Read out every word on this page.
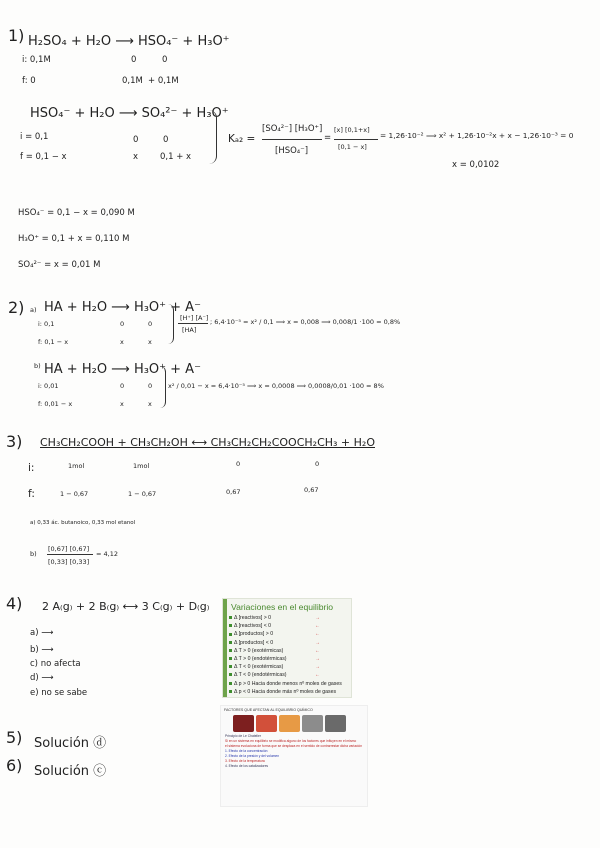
1) H₂SO₄ + H₂O ⟶ HSO₄⁻ + H₃O⁺
i: 0,1M	0	0
f: 0	0,1M + 0,1M
HSO₄⁻ + H₂O ⟶ SO₄²⁻ + H₃O⁺
i = 0,1	0	0
f = 0,1 − x	x	0,1 + x
Kₐ₂ =
[SO₄²⁻] [H₃O⁺]
[HSO₄⁻]
=
[x] [0,1+x]
[0,1 − x]
= 1,26·10⁻² ⟹ x² + 1,26·10⁻²x + x − 1,26·10⁻³ = 0
x = 0,0102
HSO₄⁻ = 0,1 − x = 0,090 M
H₃O⁺ = 0,1 + x = 0,110 M
SO₄²⁻ = x = 0,01 M
2) a) HA + H₂O ⟶ H₃O⁺ + A⁻
i: 0,1	0	0
f: 0,1 − x	x	x
[H⁺] [A⁻]
[HA]
; 6,4·10⁻⁵ = x² / 0,1 ⟹ x = 0,008 ⟹ 0,008/1 ·100 = 0,8%
b) HA + H₂O ⟶ H₃O⁺ + A⁻
i: 0,01	0	0
f: 0,01 − x	x	x
x² / 0,01 − x = 6,4·10⁻⁵ ⟹ x = 0,0008 ⟹ 0,0008/0,01 ·100 = 8%
3) CH₃CH₂COOH + CH₃CH₂OH ⟷ CH₃CH₂CH₂COOCH₂CH₃ + H₂O
i:	1mol	1mol	0	0
f:	1 − 0,67	1 − 0,67	0,67	0,67
a) 0,33 ác. butanoico, 0,33 mol etanol
b)
[0,67] [0,67]
[0,33] [0,33]
= 4,12
4) 2 A₍g₎ + 2 B₍g₎ ⟷ 3 C₍g₎ + D₍g₎
a) ⟶
b) ⟶
c) no afecta
d) ⟶
e) no se sabe
Variaciones en el equilibrio
Δ [reactivos] > 0	→
Δ [reactivos] < 0	←
Δ [productos] > 0	←
Δ [productos] < 0	→
Δ T > 0 (exotérmicas)	←
Δ T > 0 (endotérmicas)	→
Δ T < 0 (exotérmicas)	→
Δ T < 0 (endotérmicas)	←
Δ p > 0 Hacia donde menos nº moles de gases
Δ p < 0 Hacia donde más nº moles de gases
FACTORES QUE AFECTAN AL EQUILIBRIO QUÍMICO
Principio de Le Chatelier
Si en un sistema en equilibrio se modifica alguno de los factores que influyen en el mismo
el sistema evoluciona de forma que se desplaza en el sentido de contrarrestar dicha variación
1. Efecto de la concentración
2. Efecto de la presión y del volumen
3. Efecto de la temperatura
4. Efecto de los catalizadores
5) Solución ⓓ
6) Solución ⓒ
